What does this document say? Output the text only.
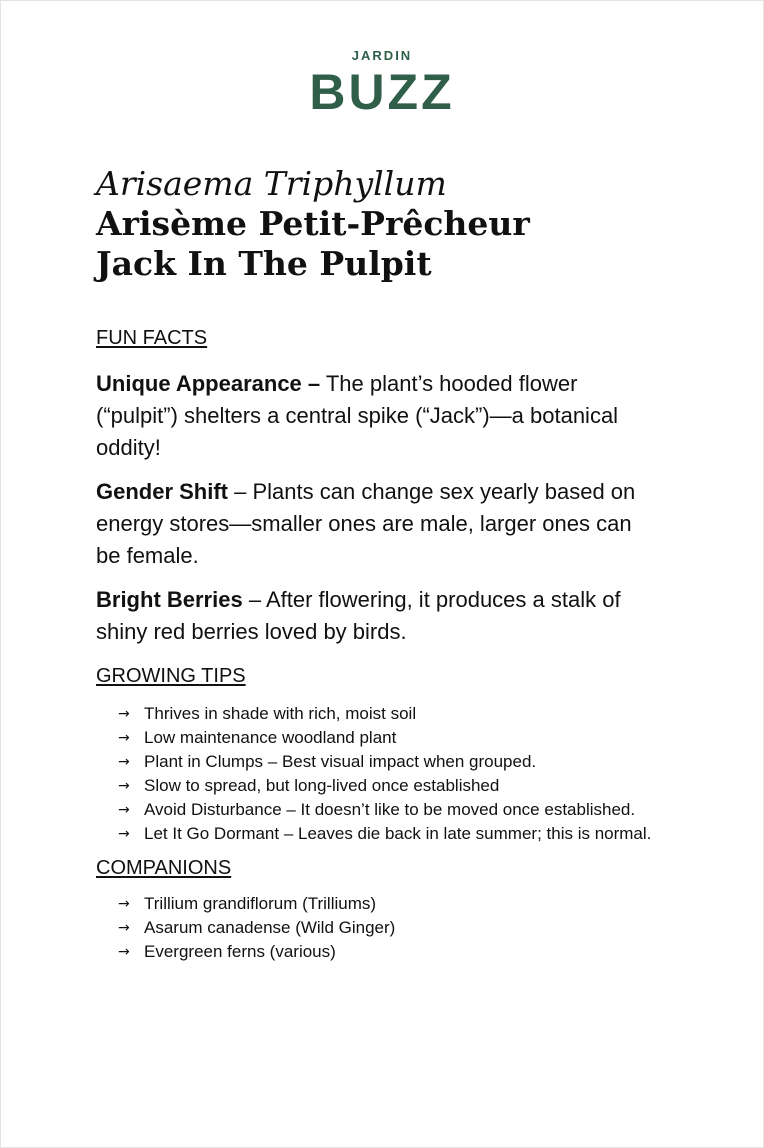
JARDIN
BUZZ

Arisaema Triphyllum

Arisème Petit-Prêcheur

Jack In The Pulpit

FUN FACTS

Unique Appearance – The plant’s hooded flower (“pulpit”) shelters a central spike (“Jack”)—a botanical oddity!

Gender Shift – Plants can change sex yearly based on energy stores—smaller ones are male, larger ones can be female.

Bright Berries – After flowering, it produces a stalk of shiny red berries loved by birds.

GROWING TIPS

→ Thrives in shade with rich, moist soil
→ Low maintenance woodland plant
→ Plant in Clumps – Best visual impact when grouped.
→ Slow to spread, but long-lived once established
→ Avoid Disturbance – It doesn’t like to be moved once established.
→ Let It Go Dormant – Leaves die back in late summer; this is normal.

COMPANIONS

→ Trillium grandiflorum (Trilliums)
→ Asarum canadense (Wild Ginger)
→ Evergreen ferns (various)
